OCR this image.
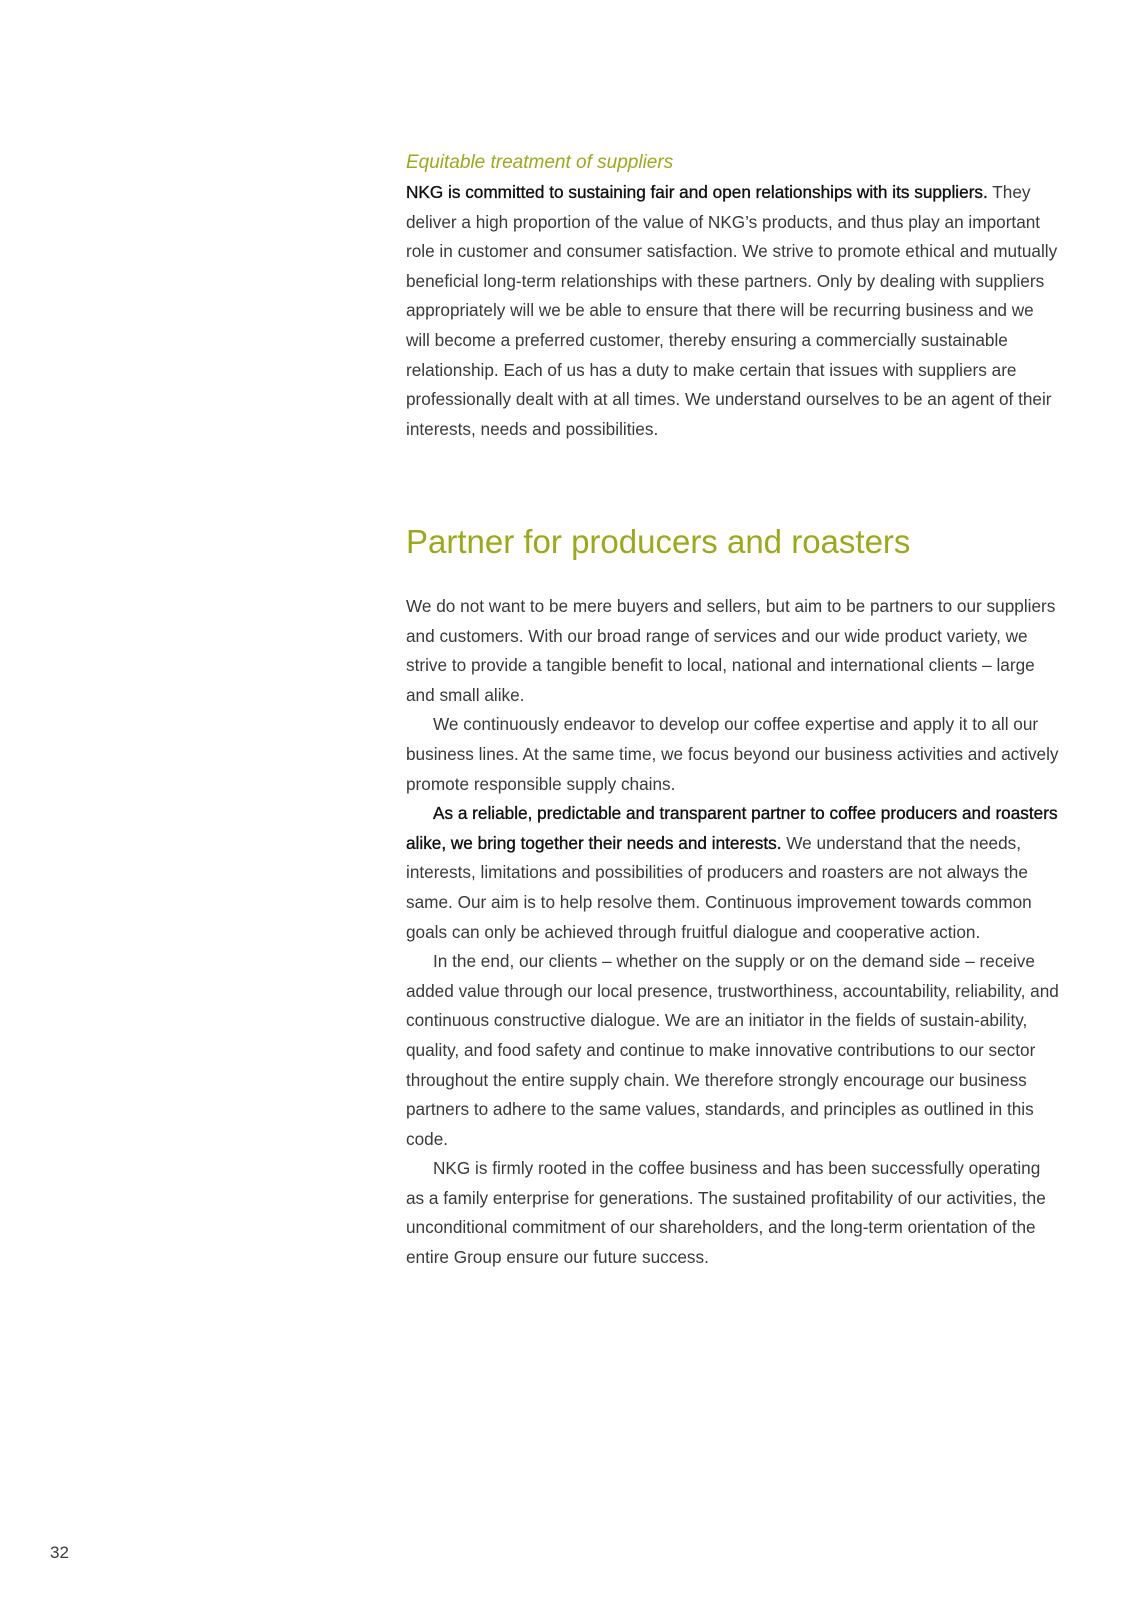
Equitable treatment of suppliers

NKG is committed to sustaining fair and open relationships with its suppliers. They deliver a high proportion of the value of NKG’s products, and thus play an important role in customer and consumer satisfaction. We strive to promote ethical and mutually beneficial long-term relationships with these partners. Only by dealing with suppliers appropriately will we be able to ensure that there will be recurring business and we will become a preferred customer, thereby ensuring a commercially sustainable relationship. Each of us has a duty to make certain that issues with suppliers are professionally dealt with at all times. We understand ourselves to be an agent of their interests, needs and possibilities.

Partner for producers and roasters

We do not want to be mere buyers and sellers, but aim to be partners to our suppliers and customers. With our broad range of services and our wide product variety, we strive to provide a tangible benefit to local, national and international clients – large and small alike.

We continuously endeavor to develop our coffee expertise and apply it to all our business lines. At the same time, we focus beyond our business activities and actively promote responsible supply chains.

As a reliable, predictable and transparent partner to coffee producers and roasters alike, we bring together their needs and interests. We understand that the needs, interests, limitations and possibilities of producers and roasters are not always the same. Our aim is to help resolve them. Continuous improvement towards common goals can only be achieved through fruitful dialogue and cooperative action.

In the end, our clients – whether on the supply or on the demand side – receive added value through our local presence, trustworthiness, accountability, reliability, and continuous constructive dialogue. We are an initiator in the fields of sustain-ability, quality, and food safety and continue to make innovative contributions to our sector throughout the entire supply chain. We therefore strongly encourage our business partners to adhere to the same values, standards, and principles as outlined in this code.

NKG is firmly rooted in the coffee business and has been successfully operating as a family enterprise for generations. The sustained profitability of our activities, the unconditional commitment of our shareholders, and the long-term orientation of the entire Group ensure our future success.

32
